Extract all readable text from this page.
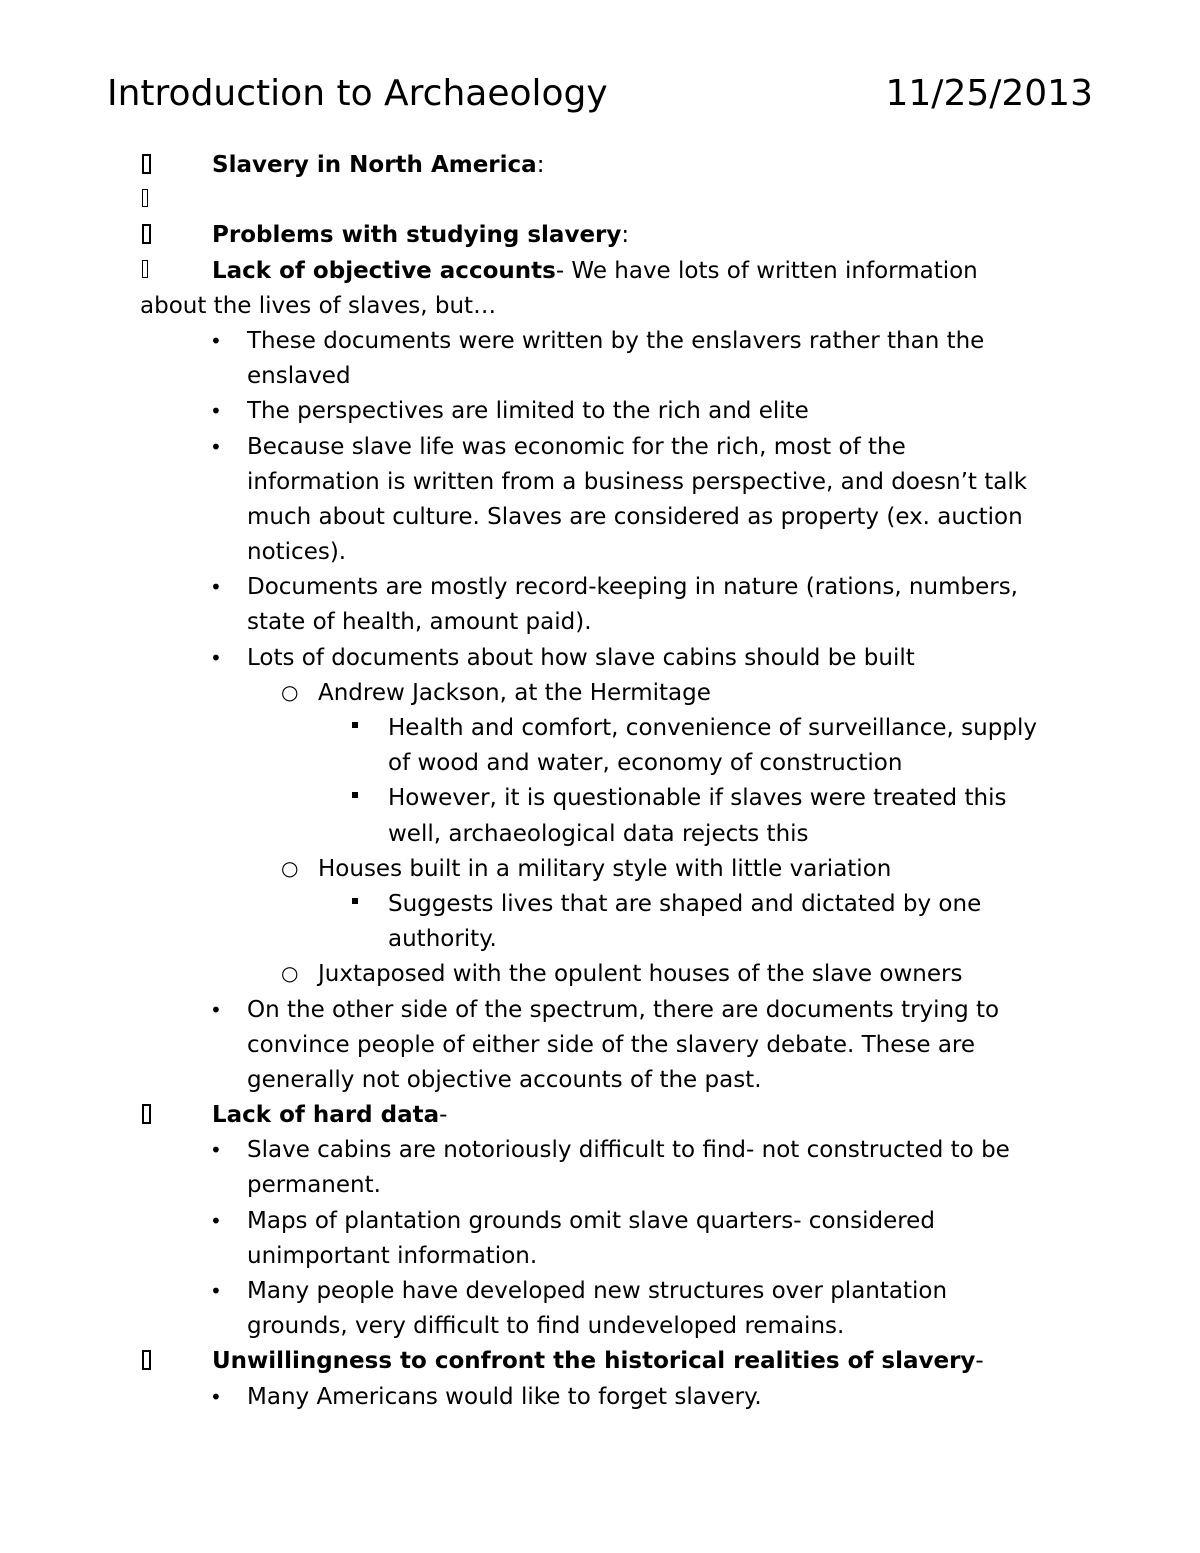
Introduction to Archaeology	11/25/2013
Slavery in North America:
Problems with studying slavery:
Lack of objective accounts- We have lots of written information
about the lives of slaves, but…
• These documents were written by the enslavers rather than the
enslaved
• The perspectives are limited to the rich and elite
• Because slave life was economic for the rich, most of the
information is written from a business perspective, and doesn’t talk
much about culture. Slaves are considered as property (ex. auction
notices).
• Documents are mostly record-keeping in nature (rations, numbers,
state of health, amount paid).
• Lots of documents about how slave cabins should be built
○ Andrew Jackson, at the Hermitage
Health and comfort, convenience of surveillance, supply
of wood and water, economy of construction
However, it is questionable if slaves were treated this
well, archaeological data rejects this
○ Houses built in a military style with little variation
Suggests lives that are shaped and dictated by one
authority.
○ Juxtaposed with the opulent houses of the slave owners
• On the other side of the spectrum, there are documents trying to
convince people of either side of the slavery debate. These are
generally not objective accounts of the past.
Lack of hard data-
• Slave cabins are notoriously difficult to find- not constructed to be
permanent.
• Maps of plantation grounds omit slave quarters- considered
unimportant information.
• Many people have developed new structures over plantation
grounds, very difficult to find undeveloped remains.
Unwillingness to confront the historical realities of slavery-
• Many Americans would like to forget slavery.
